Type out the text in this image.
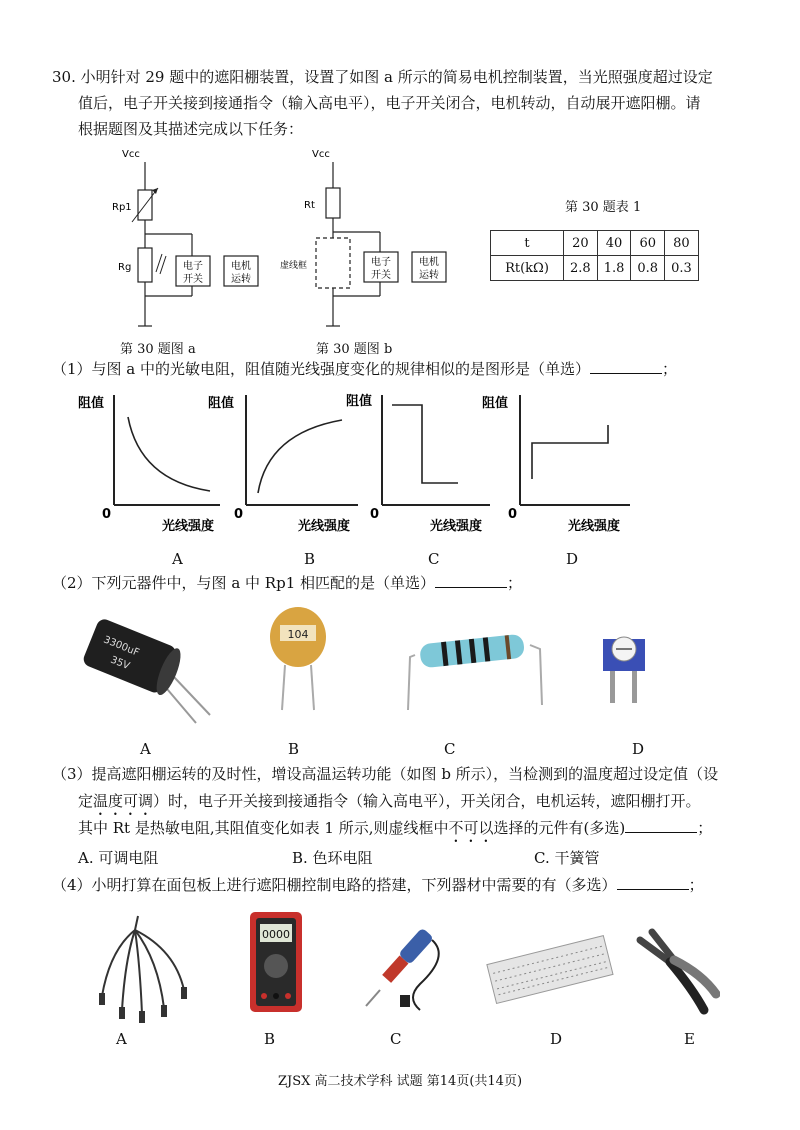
30. 小明针对 29 题中的遮阳棚装置，设置了如图 a 所示的简易电机控制装置，当光照强度超过设定
值后，电子开关接到接通指令（输入高电平），电子开关闭合，电机转动，自动展开遮阳棚。请
根据题图及其描述完成以下任务：
Vcc
Rp1
Rg	电子
开关
电机
运转
第 30 题图 a
Vcc
Rt
虚线框	电子
开关
电机
运转
第 30 题图 b
第 30 题表 1
t	20	40	60	80
Rt(kΩ)	2.8	1.8	0.8	0.3
（1）与图 a 中的光敏电阻，阻值随光线强度变化的规律相似的是图形是（单选）	；
阻值
0
光线强度
阻值
0
光线强度
阻值
0
光线强度
阻值
0
光线强度
A	B	C	D
（2）下列元器件中，与图 a 中 Rp1 相匹配的是（单选）	；
3300uF
35V
104
A	B	C	D
（3）提高遮阳棚运转的及时性，增设高温运转功能（如图 b 所示），当检测到的温度超过设定值（设
定温度可调）时，电子开关接到接通指令（输入高电平），开关闭合，电机运转，遮阳棚打开。
其中 Rt 是热敏电阻,其阻值变化如表 1 所示,则虚线框中不可以选择的元件有(多选)	；
A. 可调电阻	B. 色环电阻	C. 干簧管
（4）小明打算在面包板上进行遮阳棚控制电路的搭建，下列器材中需要的有（多选）	；
0000
A	B	C	D	E
ZJSX 高二技术学科 试题 第14页(共14页)
